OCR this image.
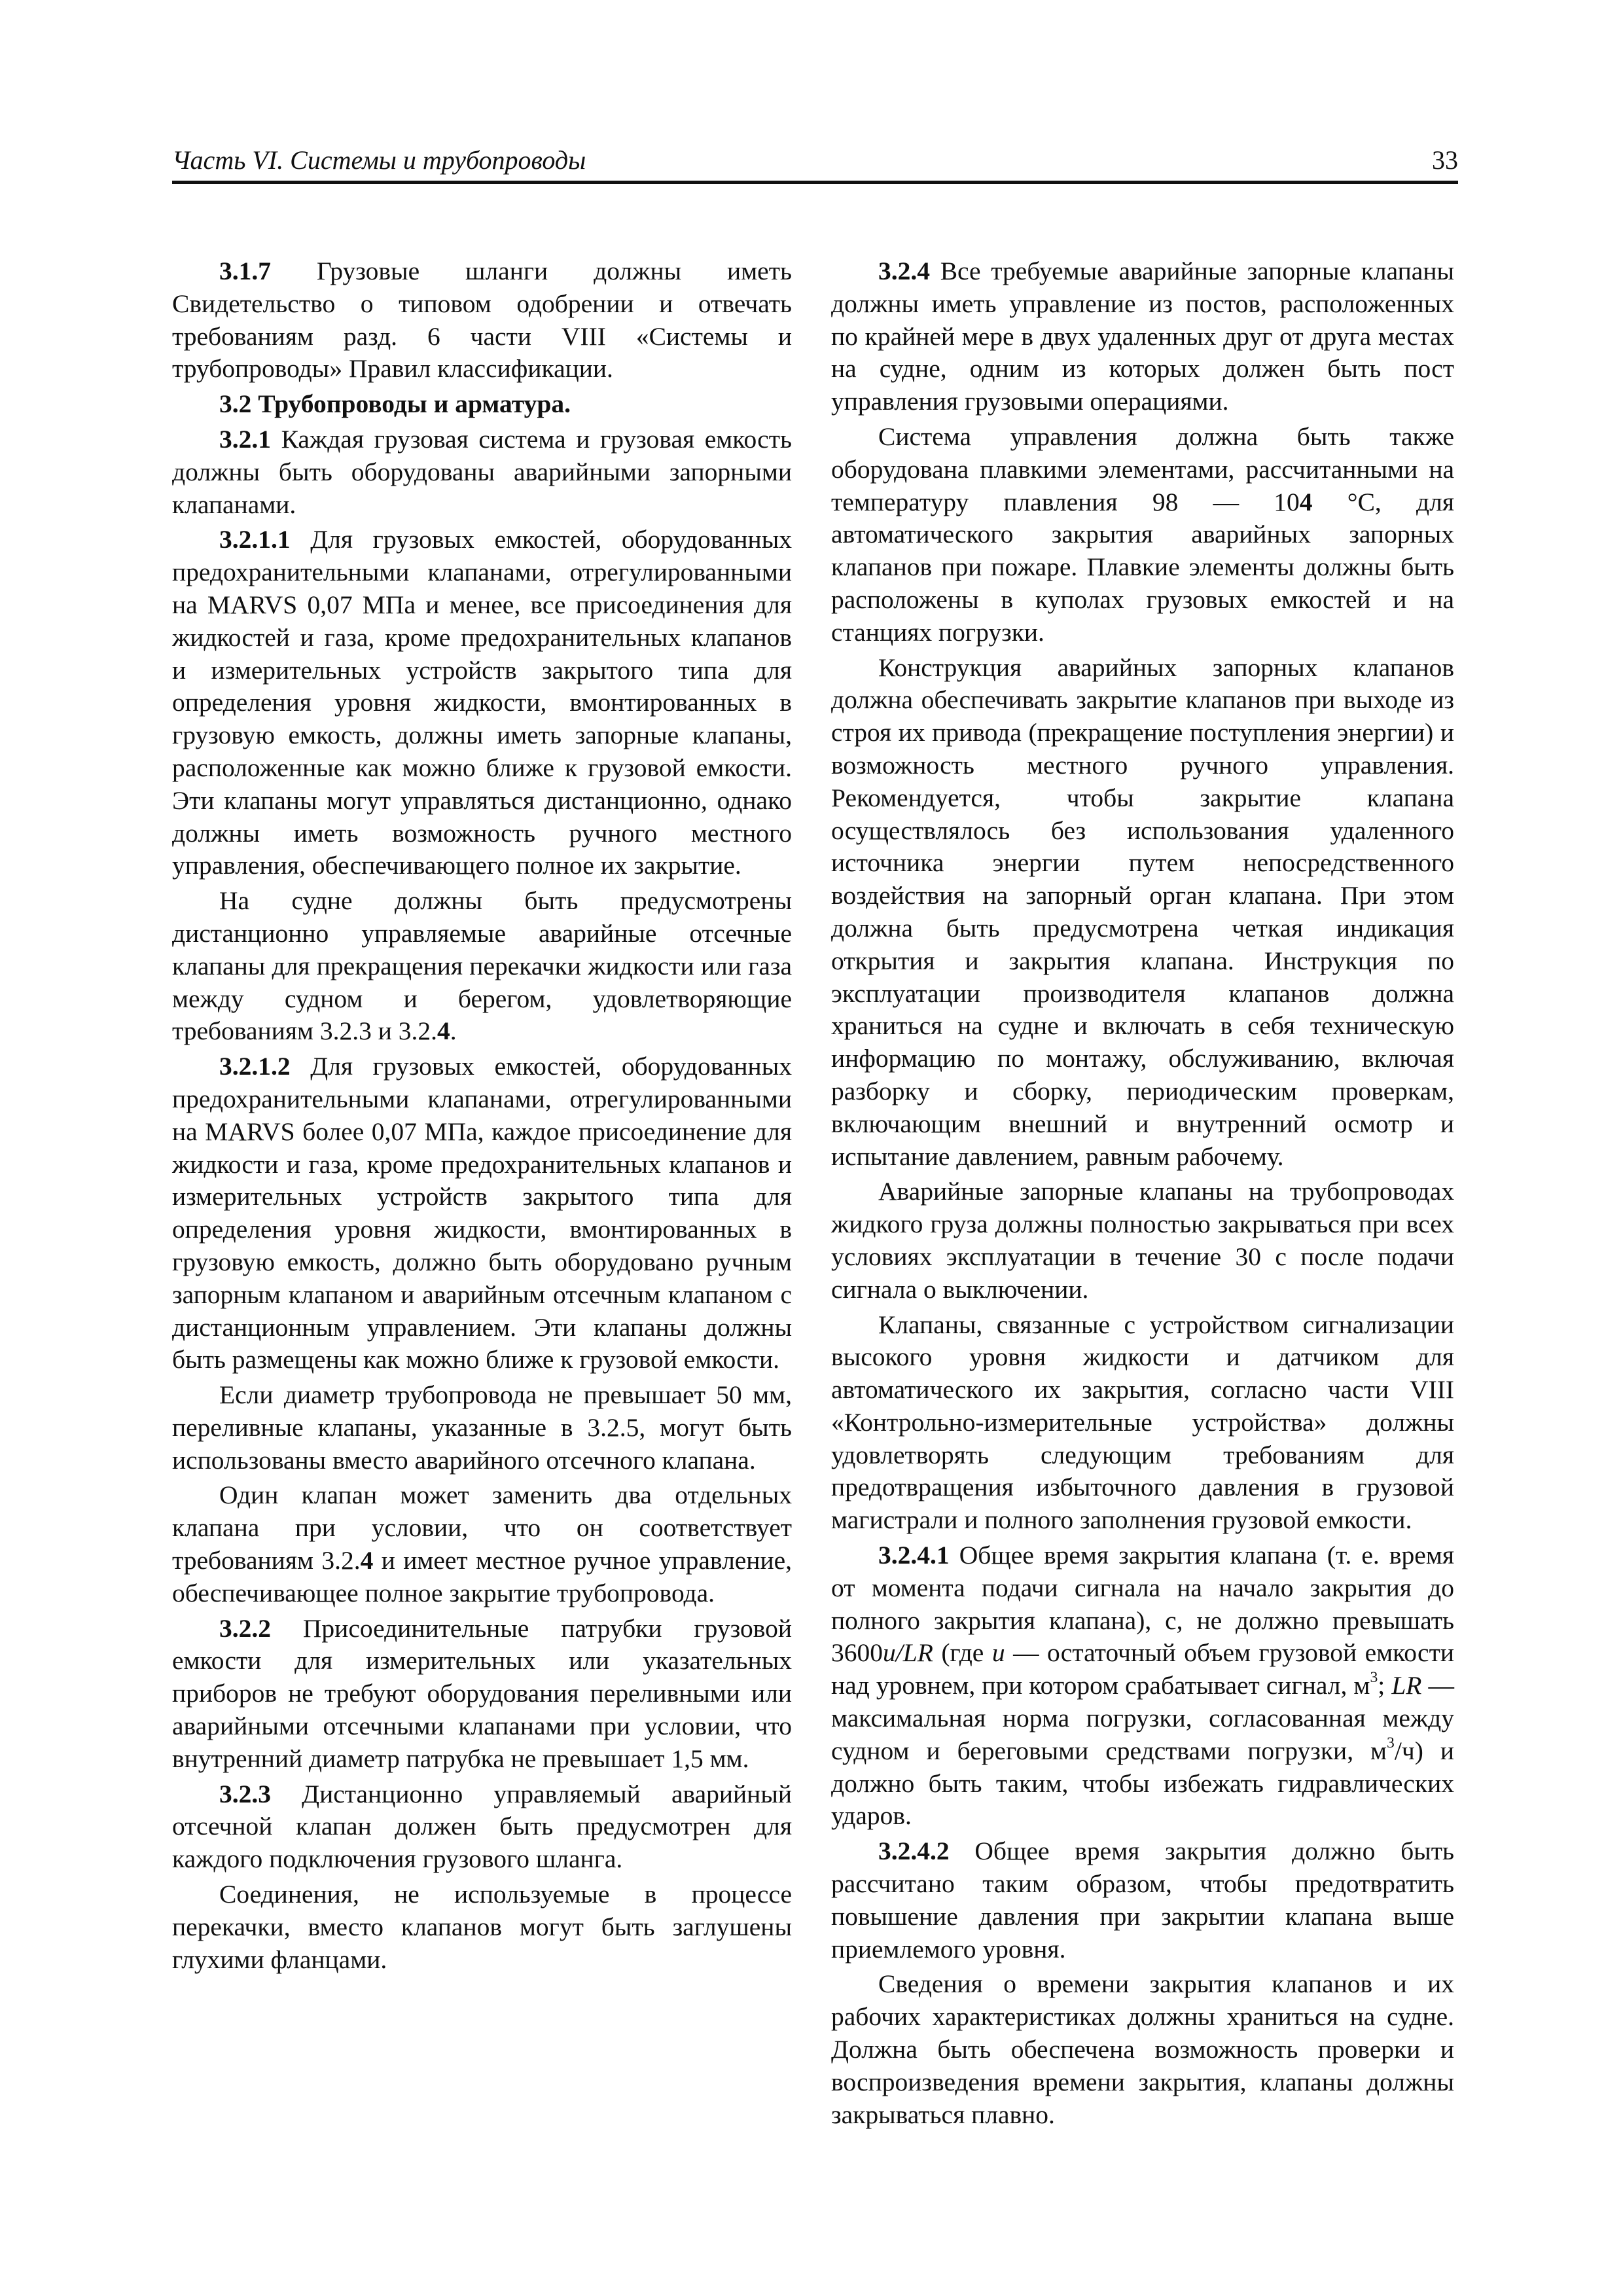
Часть VI. Системы и трубопроводы	33

3.1.7 Грузовые шланги должны иметь Свидетельство о типовом одобрении и отвечать требованиям разд. 6 части VIII «Системы и трубопроводы» Правил классификации.

3.2 Трубопроводы и арматура.

3.2.1 Каждая грузовая система и грузовая емкость должны быть оборудованы аварийными запорными клапанами.

3.2.1.1 Для грузовых емкостей, оборудованных предохранительными клапанами, отрегулированными на MARVS 0,07 МПа и менее, все присоединения для жидкостей и газа, кроме предохранительных клапанов и измерительных устройств закрытого типа для определения уровня жидкости, вмонтированных в грузовую емкость, должны иметь запорные клапаны, расположенные как можно ближе к грузовой емкости. Эти клапаны могут управляться дистанционно, однако должны иметь возможность ручного местного управления, обеспечивающего полное их закрытие.

На судне должны быть предусмотрены дистанционно управляемые аварийные отсечные клапаны для прекращения перекачки жидкости или газа между судном и берегом, удовлетворяющие требованиям 3.2.3 и 3.2.4.

3.2.1.2 Для грузовых емкостей, оборудованных предохранительными клапанами, отрегулированными на MARVS более 0,07 МПа, каждое присоединение для жидкости и газа, кроме предохранительных клапанов и измерительных устройств закрытого типа для определения уровня жидкости, вмонтированных в грузовую емкость, должно быть оборудовано ручным запорным клапаном и аварийным отсечным клапаном с дистанционным управлением. Эти клапаны должны быть размещены как можно ближе к грузовой емкости.

Если диаметр трубопровода не превышает 50 мм, переливные клапаны, указанные в 3.2.5, могут быть использованы вместо аварийного отсечного клапана.

Один клапан может заменить два отдельных клапана при условии, что он соответствует требованиям 3.2.4 и имеет местное ручное управление, обеспечивающее полное закрытие трубопровода.

3.2.2 Присоединительные патрубки грузовой емкости для измерительных или указательных приборов не требуют оборудования переливными или аварийными отсечными клапанами при условии, что внутренний диаметр патрубка не превышает 1,5 мм.

3.2.3 Дистанционно управляемый аварийный отсечной клапан должен быть предусмотрен для каждого подключения грузового шланга.

Соединения, не используемые в процессе перекачки, вместо клапанов могут быть заглушены глухими фланцами.

3.2.4 Все требуемые аварийные запорные клапаны должны иметь управление из постов, расположенных по крайней мере в двух удаленных друг от друга местах на судне, одним из которых должен быть пост управления грузовыми операциями.

Система управления должна быть также оборудована плавкими элементами, рассчитанными на температуру плавления 98 — 104 °С, для автоматического закрытия аварийных запорных клапанов при пожаре. Плавкие элементы должны быть расположены в куполах грузовых емкостей и на станциях погрузки.

Конструкция аварийных запорных клапанов должна обеспечивать закрытие клапанов при выходе из строя их привода (прекращение поступления энергии) и возможность местного ручного управления. Рекомендуется, чтобы закрытие клапана осуществлялось без использования удаленного источника энергии путем непосредственного воздействия на запорный орган клапана. При этом должна быть предусмотрена четкая индикация открытия и закрытия клапана. Инструкция по эксплуатации производителя клапанов должна храниться на судне и включать в себя техническую информацию по монтажу, обслуживанию, включая разборку и сборку, периодическим проверкам, включающим внешний и внутренний осмотр и испытание давлением, равным рабочему.

Аварийные запорные клапаны на трубопроводах жидкого груза должны полностью закрываться при всех условиях эксплуатации в течение 30 с после подачи сигнала о выключении.

Клапаны, связанные с устройством сигнализации высокого уровня жидкости и датчиком для автоматического их закрытия, согласно части VIII «Контрольно-измерительные устройства» должны удовлетворять следующим требованиям для предотвращения избыточного давления в грузовой магистрали и полного заполнения грузовой емкости.

3.2.4.1 Общее время закрытия клапана (т. е. время от момента подачи сигнала на начало закрытия до полного закрытия клапана), с, не должно превышать 3600u/LR (где u — остаточный объем грузовой емкости над уровнем, при котором срабатывает сигнал, $м^3$; LR — максимальная норма погрузки, согласованная между судном и береговыми средствами погрузки, $м^3/ч$) и должно быть таким, чтобы избежать гидравлических ударов.

3.2.4.2 Общее время закрытия должно быть рассчитано таким образом, чтобы предотвратить повышение давления при закрытии клапана выше приемлемого уровня.

Сведения о времени закрытия клапанов и их рабочих характеристиках должны храниться на судне. Должна быть обеспечена возможность проверки и воспроизведения времени закрытия, клапаны должны закрываться плавно.
